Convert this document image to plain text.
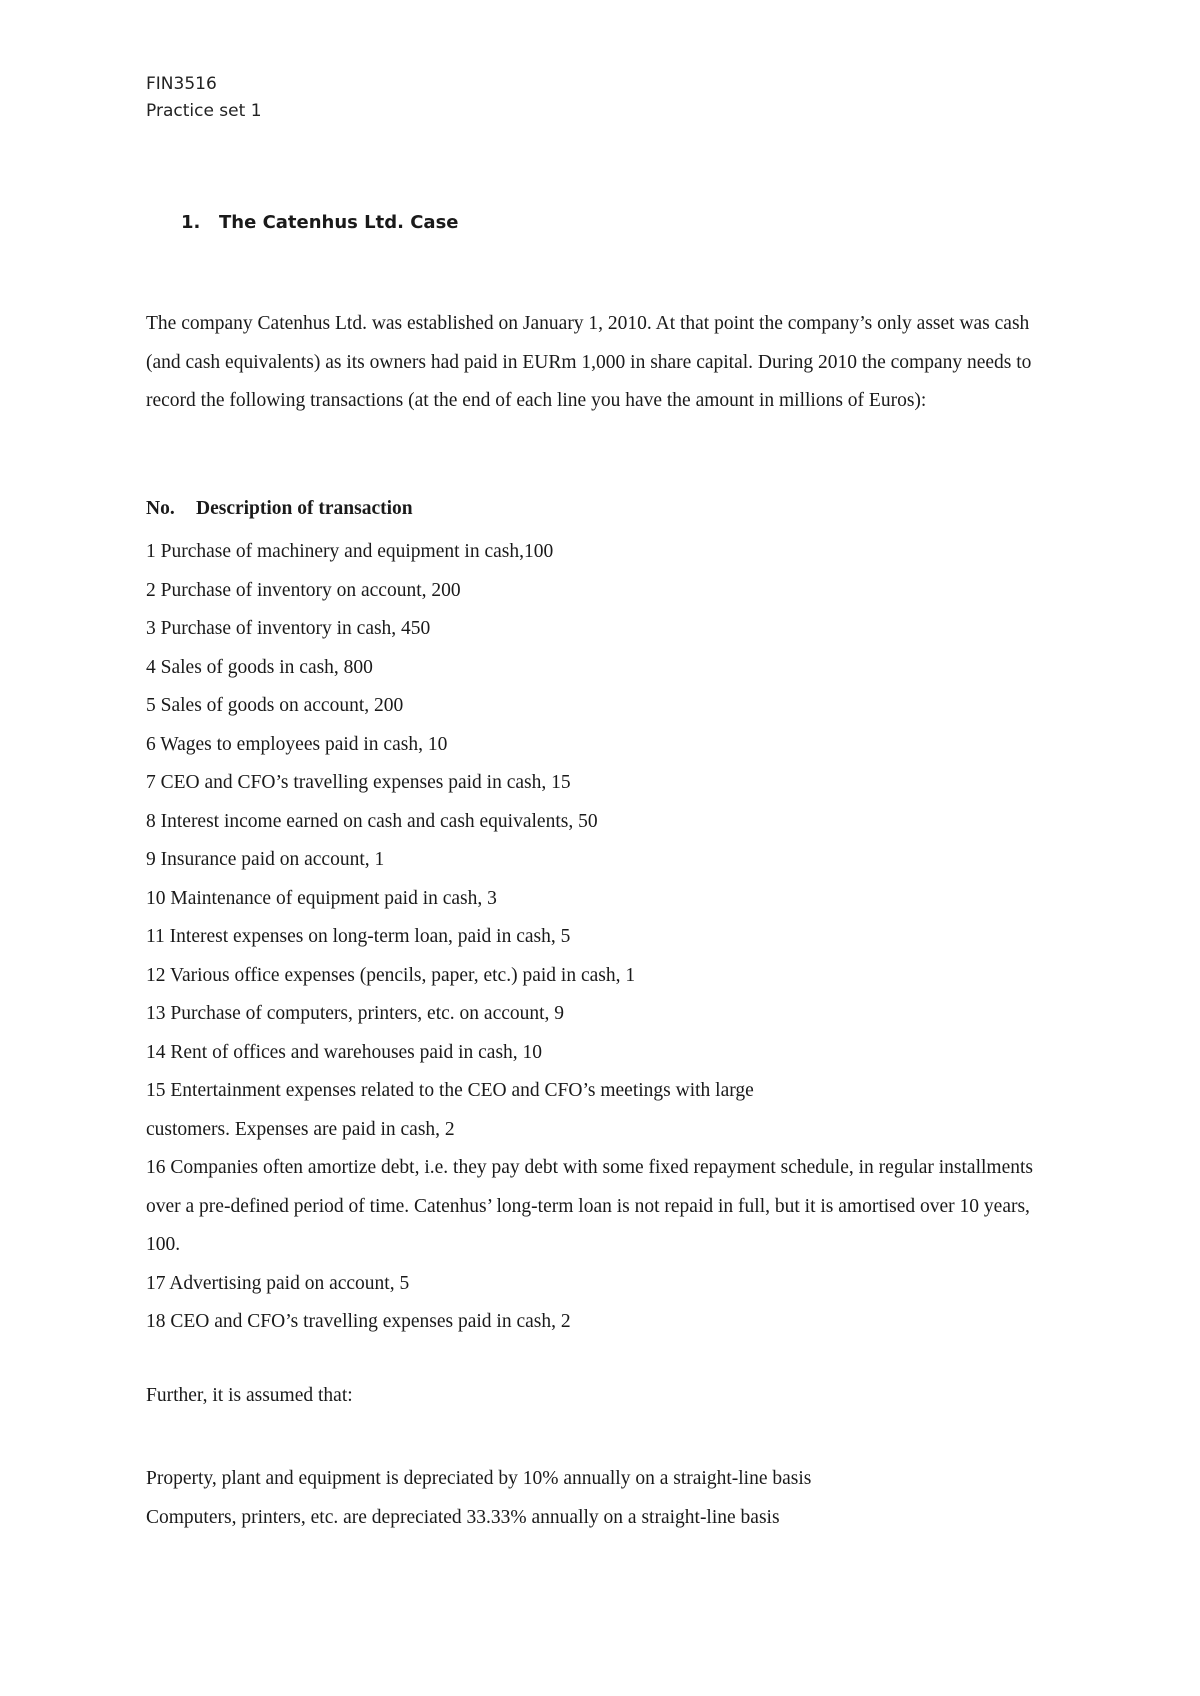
FIN3516
Practice set 1
1. The Catenhus Ltd. Case

The company Catenhus Ltd. was established on January 1, 2010. At that point the company’s only asset was cash (and cash equivalents) as its owners had paid in EURm 1,000 in share capital. During 2010 the company needs to record the following transactions (at the end of each line you have the amount in millions of Euros):

No. Description of transaction
1 Purchase of machinery and equipment in cash,100
2 Purchase of inventory on account, 200
3 Purchase of inventory in cash, 450
4 Sales of goods in cash, 800
5 Sales of goods on account, 200
6 Wages to employees paid in cash, 10
7 CEO and CFO’s travelling expenses paid in cash, 15
8 Interest income earned on cash and cash equivalents, 50
9 Insurance paid on account, 1
10 Maintenance of equipment paid in cash, 3
11 Interest expenses on long-term loan, paid in cash, 5
12 Various office expenses (pencils, paper, etc.) paid in cash, 1
13 Purchase of computers, printers, etc. on account, 9
14 Rent of offices and warehouses paid in cash, 10
15 Entertainment expenses related to the CEO and CFO’s meetings with large
customers. Expenses are paid in cash, 2
16 Companies often amortize debt, i.e. they pay debt with some fixed repayment schedule, in regular installments over a pre-defined period of time. Catenhus’ long-term loan is not repaid in full, but it is amortised over 10 years, 100.
17 Advertising paid on account, 5
18 CEO and CFO’s travelling expenses paid in cash, 2
Further, it is assumed that:
Property, plant and equipment is depreciated by 10% annually on a straight-line basis
Computers, printers, etc. are depreciated 33.33% annually on a straight-line basis
